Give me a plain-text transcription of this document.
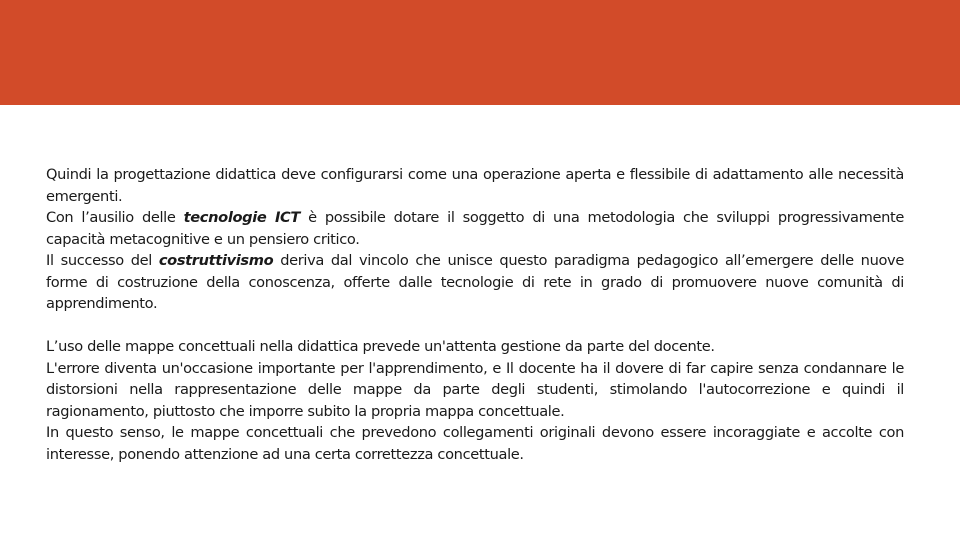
Quindi la progettazione didattica deve configurarsi come una operazione aperta e flessibile di adattamento alle necessità emergenti.

Con l’ausilio delle tecnologie ICT è possibile dotare il soggetto di una metodologia che sviluppi progressivamente capacità metacognitive e un pensiero critico.

Il successo del costruttivismo deriva dal vincolo che unisce questo paradigma pedagogico all’emergere delle nuove forme di costruzione della conoscenza, offerte dalle tecnologie di rete in grado di promuovere nuove comunità di apprendimento.

L’uso delle mappe concettuali nella didattica prevede un'attenta gestione da parte del docente.

L'errore diventa un'occasione importante per l'apprendimento, e Il docente ha il dovere di far capire senza condannare le distorsioni nella rappresentazione delle mappe da parte degli studenti, stimolando l'autocorrezione e quindi il ragionamento, piuttosto che imporre subito la propria mappa concettuale.

In questo senso, le mappe concettuali che prevedono collegamenti originali devono essere incoraggiate e accolte con interesse, ponendo attenzione ad una certa correttezza concettuale.
